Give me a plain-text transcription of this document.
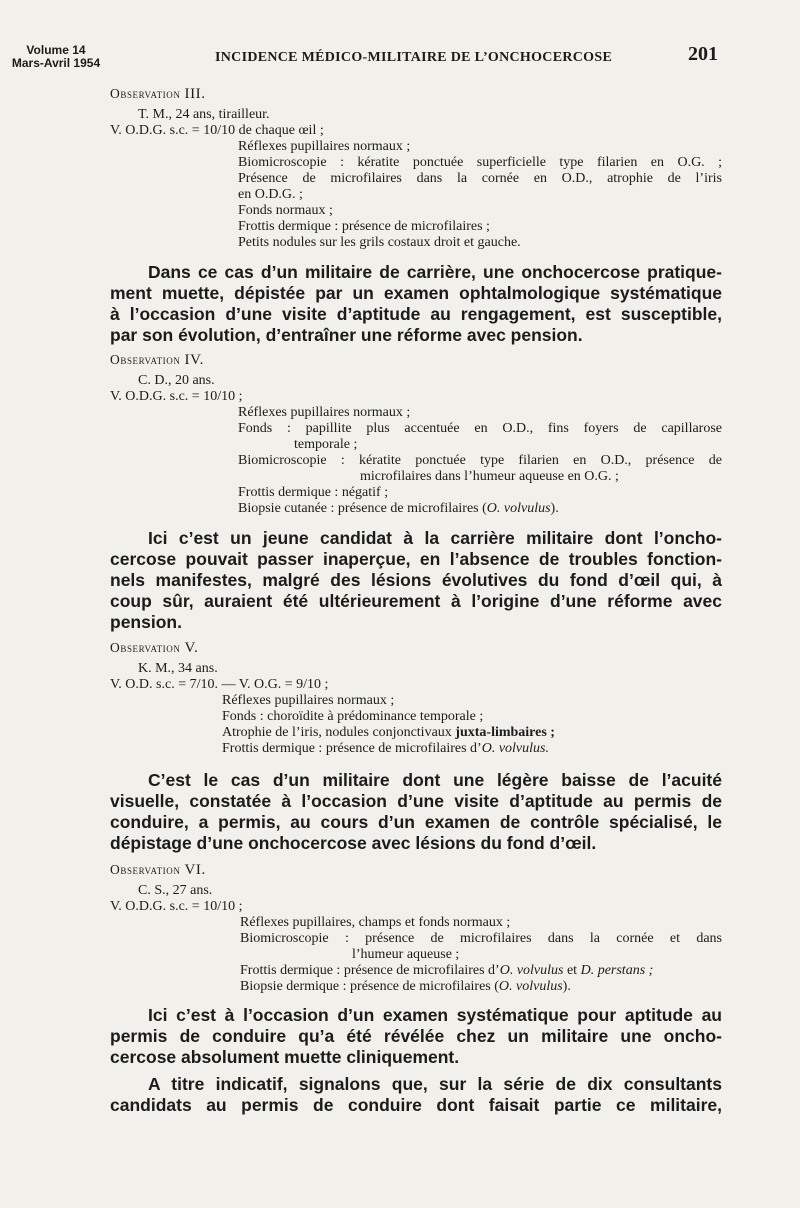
Volume 14
Mars-Avril 1954	INCIDENCE MÉDICO-MILITAIRE DE L’ONCHOCERCOSE	201
Observation III.
T. M., 24 ans, tirailleur.
V. O.D.G. s.c. = 10/10 de chaque œil ;
Réflexes pupillaires normaux ;
Biomicroscopie : kératite ponctuée superficielle type filarien en O.G. ;
Présence de microfilaires dans la cornée en O.D., atrophie de l’iris
en O.D.G. ;
Fonds normaux ;
Frottis dermique : présence de microfilaires ;
Petits nodules sur les grils costaux droit et gauche.
Dans ce cas d’un militaire de carrière, une onchocercose pratique-
ment muette, dépistée par un examen ophtalmologique systématique
à l’occasion d’une visite d’aptitude au rengagement, est susceptible,
par son évolution, d’entraîner une réforme avec pension.
Observation IV.
C. D., 20 ans.
V. O.D.G. s.c. = 10/10 ;
Réflexes pupillaires normaux ;
Fonds : papillite plus accentuée en O.D., fins foyers de capillarose
temporale ;
Biomicroscopie : kératite ponctuée type filarien en O.D., présence de
microfilaires dans l’humeur aqueuse en O.G. ;
Frottis dermique : négatif ;
Biopsie cutanée : présence de microfilaires (O. volvulus).
Ici c’est un jeune candidat à la carrière militaire dont l’oncho-
cercose pouvait passer inaperçue, en l’absence de troubles fonction-
nels manifestes, malgré des lésions évolutives du fond d’œil qui, à
coup sûr, auraient été ultérieurement à l’origine d’une réforme avec
pension.
Observation V.
K. M., 34 ans.
V. O.D. s.c. = 7/10. — V. O.G. = 9/10 ;
Réflexes pupillaires normaux ;
Fonds : choroïdite à prédominance temporale ;
Atrophie de l’iris, nodules conjonctivaux juxta-limbaires ;
Frottis dermique : présence de microfilaires d’O. volvulus.
C’est le cas d’un militaire dont une légère baisse de l’acuité
visuelle, constatée à l’occasion d’une visite d’aptitude au permis de
conduire, a permis, au cours d’un examen de contrôle spécialisé, le
dépistage d’une onchocercose avec lésions du fond d’œil.
Observation VI.
C. S., 27 ans.
V. O.D.G. s.c. = 10/10 ;
Réflexes pupillaires, champs et fonds normaux ;
Biomicroscopie : présence de microfilaires dans la cornée et dans
l’humeur aqueuse ;
Frottis dermique : présence de microfilaires d’O. volvulus et D. perstans ;
Biopsie dermique : présence de microfilaires (O. volvulus).
Ici c’est à l’occasion d’un examen systématique pour aptitude au
permis de conduire qu’a été révélée chez un militaire une oncho-
cercose absolument muette cliniquement.
A titre indicatif, signalons que, sur la série de dix consultants
candidats au permis de conduire dont faisait partie ce militaire,
